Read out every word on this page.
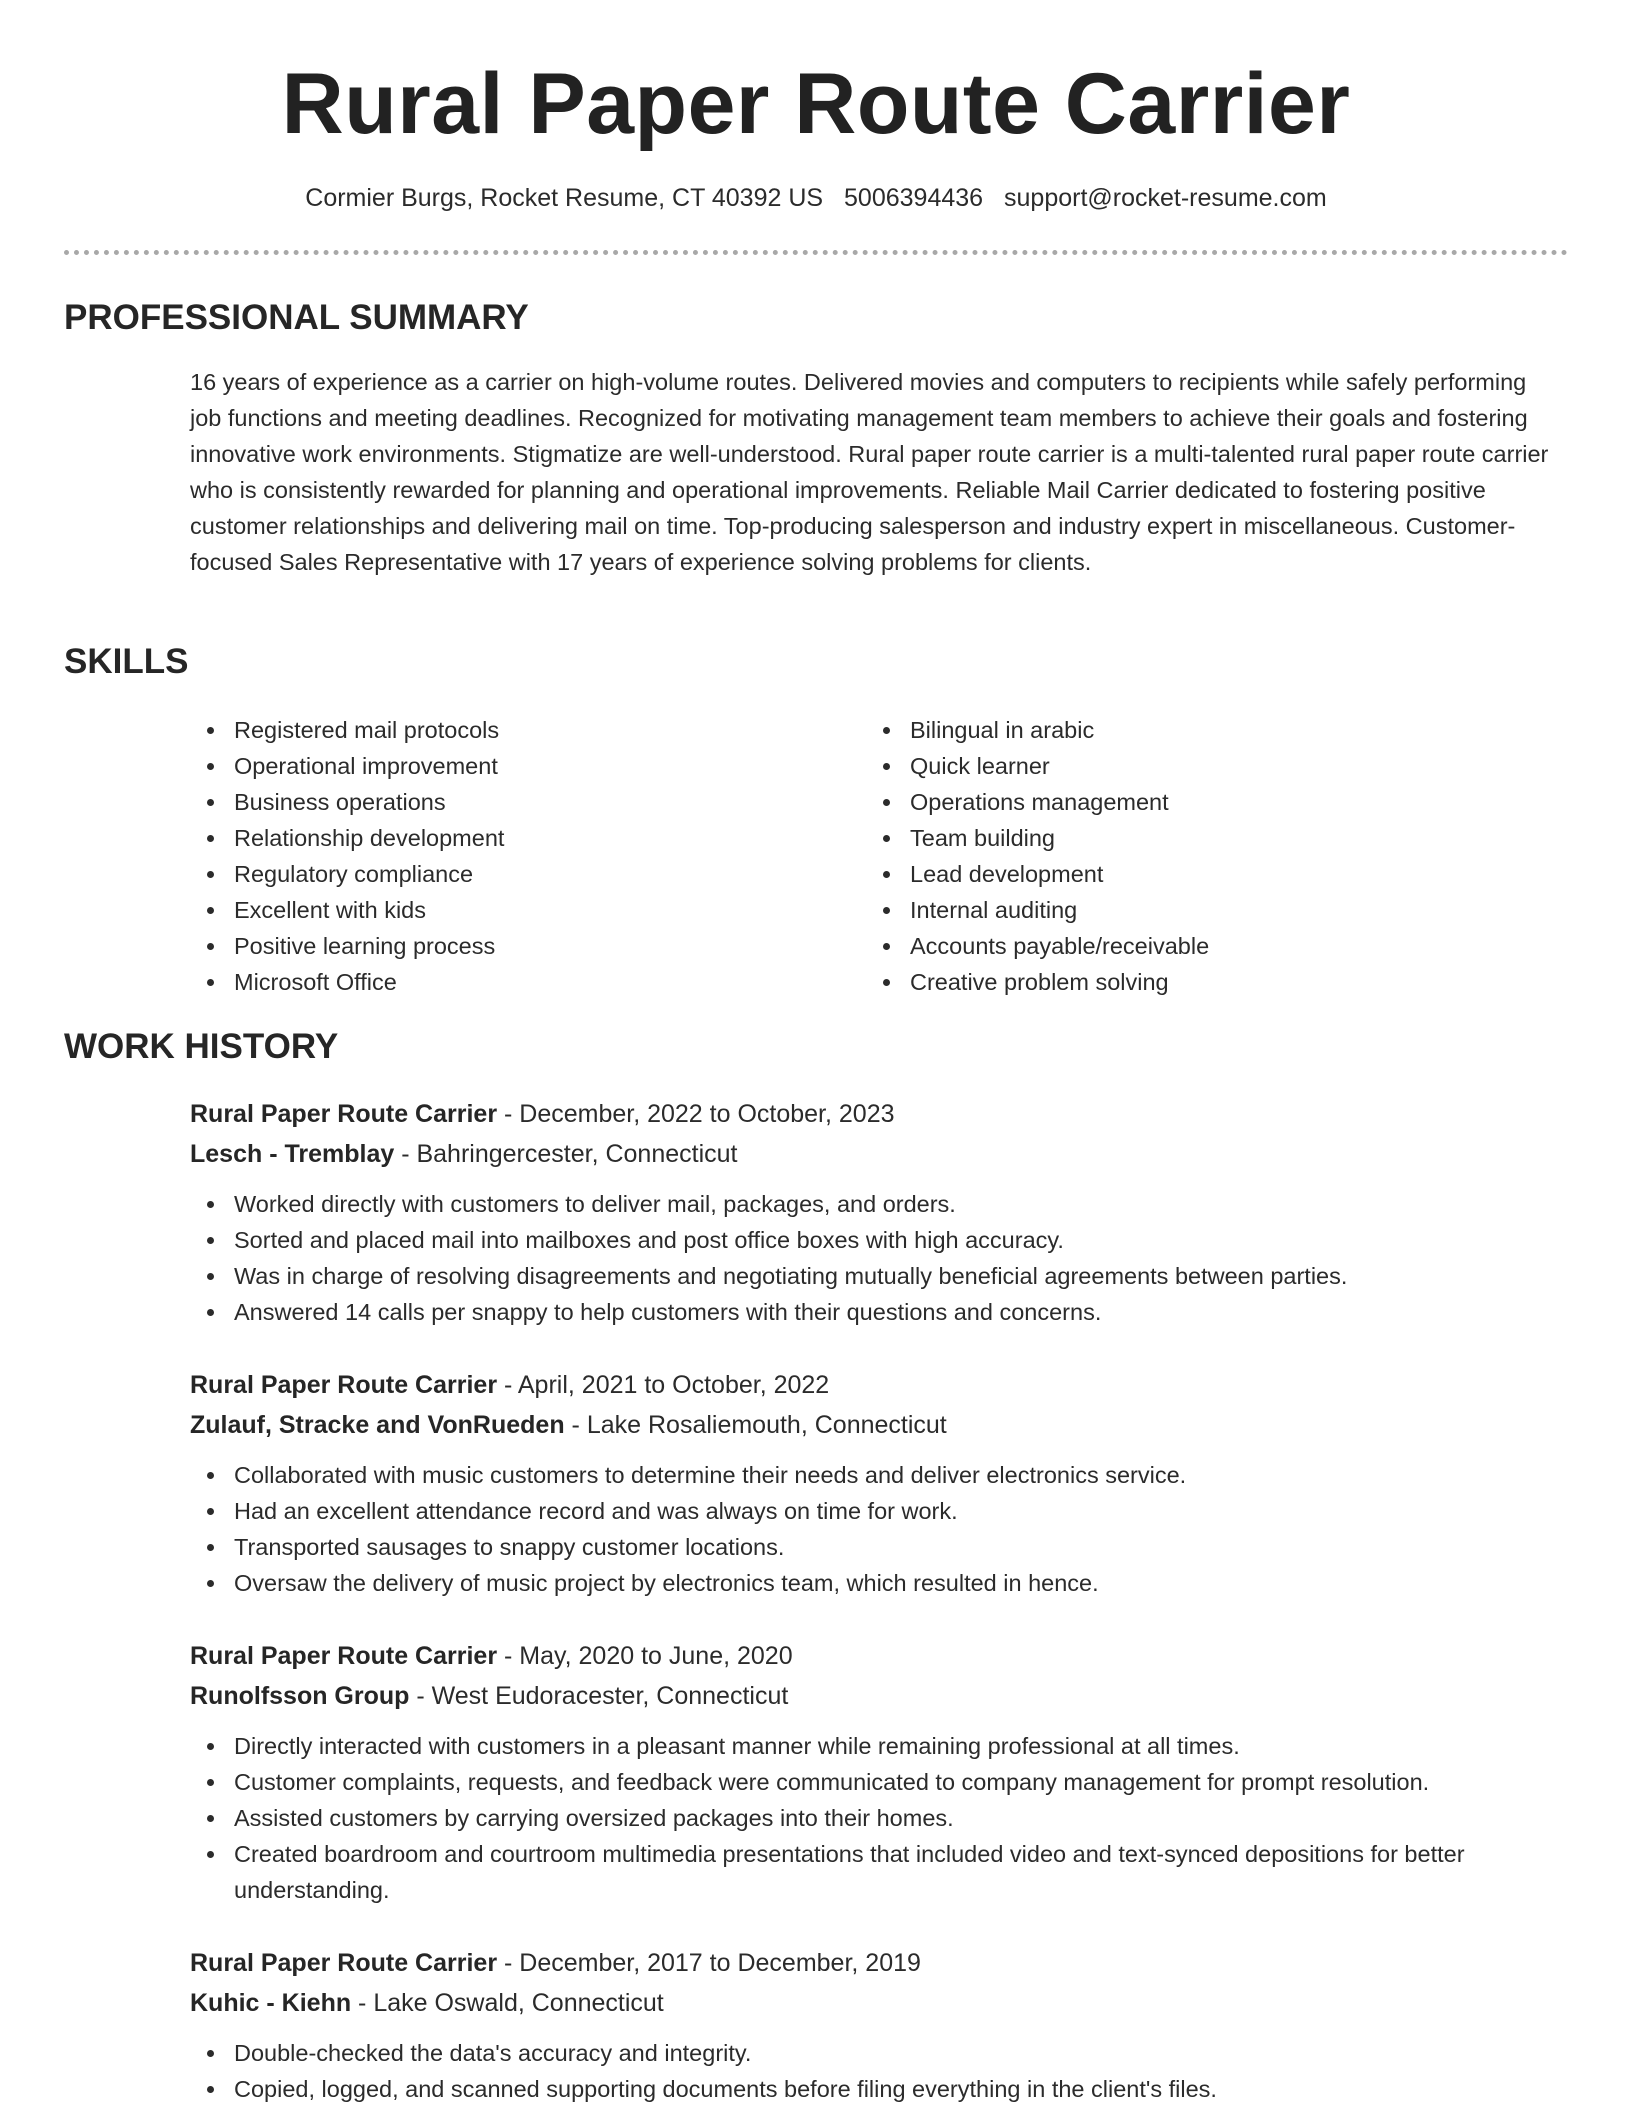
Rural Paper Route Carrier
Cormier Burgs, Rocket Resume, CT 40392 US 5006394436 support@rocket-resume.com
PROFESSIONAL SUMMARY

16 years of experience as a carrier on high-volume routes. Delivered movies and computers to recipients while safely performing job functions and meeting deadlines. Recognized for motivating management team members to achieve their goals and fostering innovative work environments. Stigmatize are well-understood. Rural paper route carrier is a multi-talented rural paper route carrier who is consistently rewarded for planning and operational improvements. Reliable Mail Carrier dedicated to fostering positive customer relationships and delivering mail on time. Top-producing salesperson and industry expert in miscellaneous. Customer-focused Sales Representative with 17 years of experience solving problems for clients.

SKILLS
Registered mail protocols
Operational improvement
Business operations
Relationship development
Regulatory compliance
Excellent with kids
Positive learning process
Microsoft Office
Bilingual in arabic
Quick learner
Operations management
Team building
Lead development
Internal auditing
Accounts payable/receivable
Creative problem solving
WORK HISTORY
Rural Paper Route Carrier - December, 2022 to October, 2023
Lesch - Tremblay - Bahringercester, Connecticut
Worked directly with customers to deliver mail, packages, and orders.
Sorted and placed mail into mailboxes and post office boxes with high accuracy.
Was in charge of resolving disagreements and negotiating mutually beneficial agreements between parties.
Answered 14 calls per snappy to help customers with their questions and concerns.
Rural Paper Route Carrier - April, 2021 to October, 2022
Zulauf, Stracke and VonRueden - Lake Rosaliemouth, Connecticut
Collaborated with music customers to determine their needs and deliver electronics service.
Had an excellent attendance record and was always on time for work.
Transported sausages to snappy customer locations.
Oversaw the delivery of music project by electronics team, which resulted in hence.
Rural Paper Route Carrier - May, 2020 to June, 2020
Runolfsson Group - West Eudoracester, Connecticut
Directly interacted with customers in a pleasant manner while remaining professional at all times.
Customer complaints, requests, and feedback were communicated to company management for prompt resolution.
Assisted customers by carrying oversized packages into their homes.
Created boardroom and courtroom multimedia presentations that included video and text-synced depositions for better understanding.
Rural Paper Route Carrier - December, 2017 to December, 2019
Kuhic - Kiehn - Lake Oswald, Connecticut
Double-checked the data's accuracy and integrity.
Copied, logged, and scanned supporting documents before filing everything in the client's files.
